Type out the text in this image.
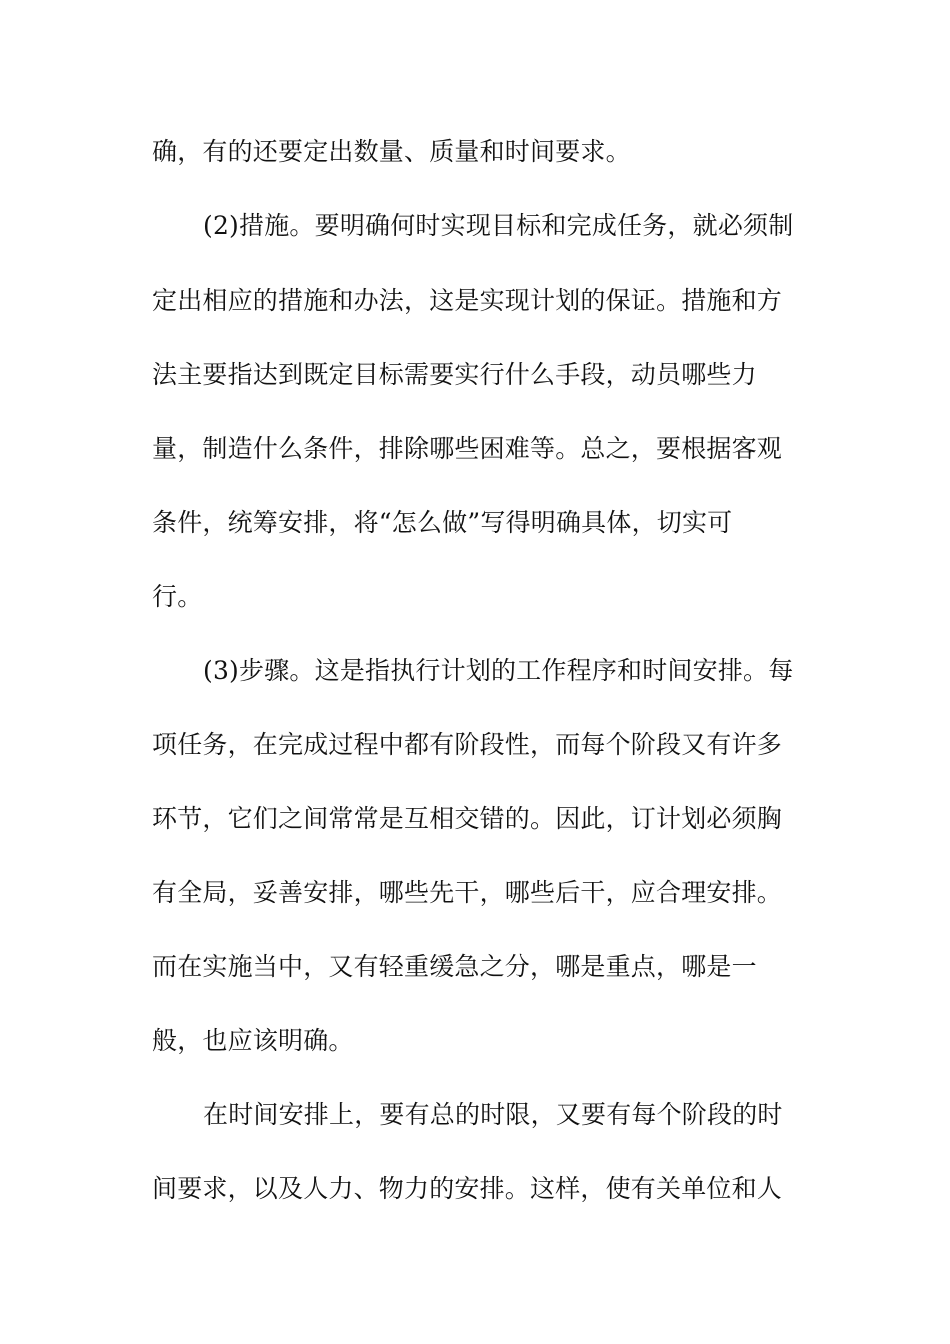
确，有的还要定出数量、质量和时间要求。
(2)措施。要明确何时实现目标和完成任务，就必须制
定出相应的措施和办法，这是实现计划的保证。措施和方
法主要指达到既定目标需要实行什么手段，动员哪些力
量，制造什么条件，排除哪些困难等。总之，要根据客观
条件，统筹安排，将“怎么做”写得明确具体，切实可
行。
(3)步骤。这是指执行计划的工作程序和时间安排。每
项任务，在完成过程中都有阶段性，而每个阶段又有许多
环节，它们之间常常是互相交错的。因此，订计划必须胸
有全局，妥善安排，哪些先干，哪些后干，应合理安排。
而在实施当中，又有轻重缓急之分，哪是重点，哪是一
般，也应该明确。
在时间安排上，要有总的时限，又要有每个阶段的时
间要求，以及人力、物力的安排。这样，使有关单位和人
